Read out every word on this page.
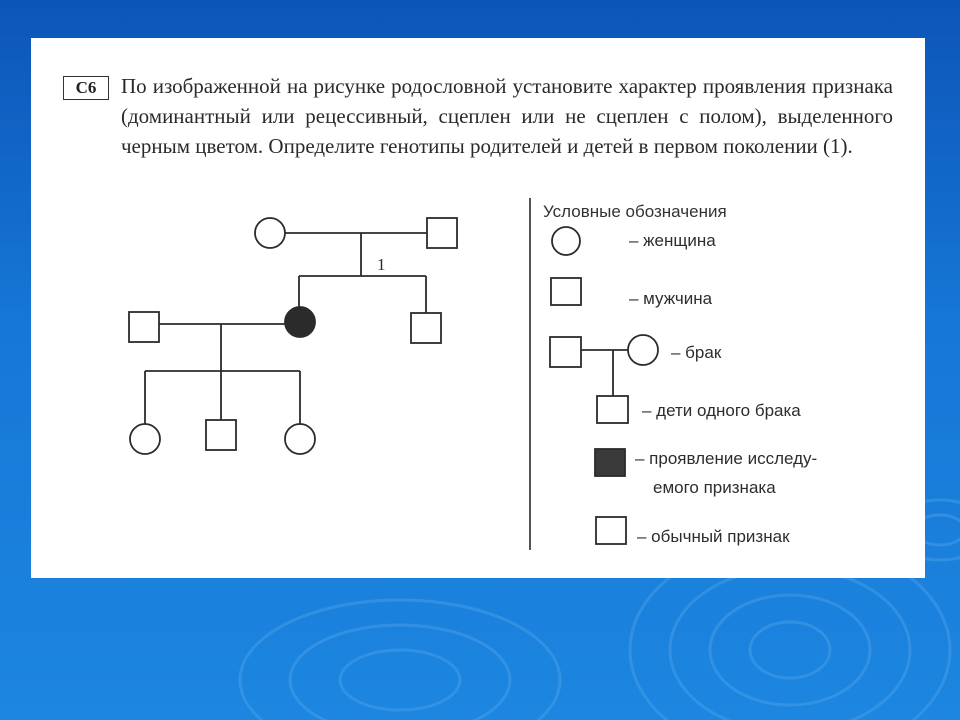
С6	По изображенной на рисунке родословной установите характер проявления признака (доминантный или рецессивный, сцеплен или не сцеплен с полом), выделенного черным цветом. Определите генотипы родителей и детей в первом поколении (1).
1
Условные обозначения
– женщина
– мужчина
– брак
– дети одного брака
– проявление исследу-
емого признака
– обычный признак
